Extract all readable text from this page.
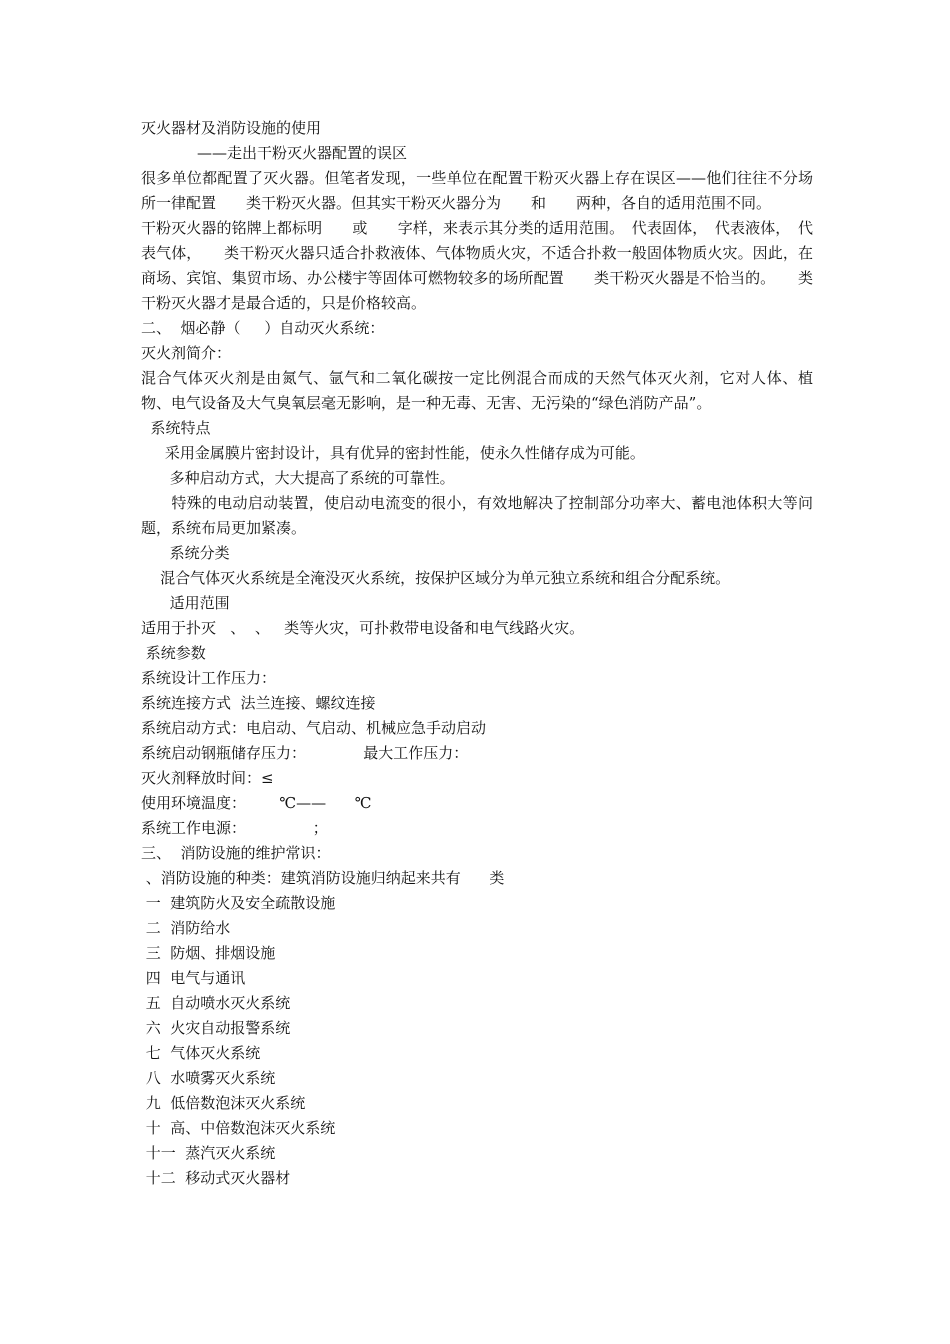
灭火器材及消防设施的使用
——走出干粉灭火器配置的误区
很多单位都配置了灭火器。但笔者发现，一些单位在配置干粉灭火器上存在误区——他们往往不分场所一律配置　　类干粉灭火器。但其实干粉灭火器分为　　和　　两种，各自的适用范围不同。
干粉灭火器的铭牌上都标明　　或　　字样，来表示其分类的适用范围。　代表固体，　代表液体，　代表气体，　　类干粉灭火器只适合扑救液体、气体物质火灾，不适合扑救一般固体物质火灾。因此，在商场、宾馆、集贸市场、办公楼宇等固体可燃物较多的场所配置　　类干粉灭火器是不恰当的。　　类干粉灭火器才是最合适的，只是价格较高。
二、  烟必静（     ）自动灭火系统：
灭火剂简介：
混合气体灭火剂是由氮气、氩气和二氧化碳按一定比例混合而成的天然气体灭火剂，它对人体、植物、电气设备及大气臭氧层毫无影响，是一种无毒、无害、无污染的“绿色消防产品”。
系统特点
采用金属膜片密封设计，具有优异的密封性能，使永久性储存成为可能。
多种启动方式，大大提高了系统的可靠性。
特殊的电动启动装置，使启动电流变的很小，有效地解决了控制部分功率大、蓄电池体积大等问题，系统布局更加紧凑。
系统分类
混合气体灭火系统是全淹没灭火系统，按保护区域分为单元独立系统和组合分配系统。
适用范围
适用于扑灭   、  、   类等火灾，可扑救带电设备和电气线路火灾。
系统参数
系统设计工作压力：
系统连接方式  法兰连接、螺纹连接
系统启动方式：电启动、气启动、机械应急手动启动
系统启动钢瓶储存压力：            最大工作压力：
灭火剂释放时间：≤
使用环境温度：       ℃——      ℃
系统工作电源：              ；
三、  消防设施的维护常识：
、消防设施的种类：建筑消防设施归纳起来共有      类
一  建筑防火及安全疏散设施
二  消防给水
三  防烟、排烟设施
四  电气与通讯
五  自动喷水灭火系统
六  火灾自动报警系统
七  气体灭火系统
八  水喷雾灭火系统
九  低倍数泡沫灭火系统
十  高、中倍数泡沫灭火系统
十一  蒸汽灭火系统
十二  移动式灭火器材
